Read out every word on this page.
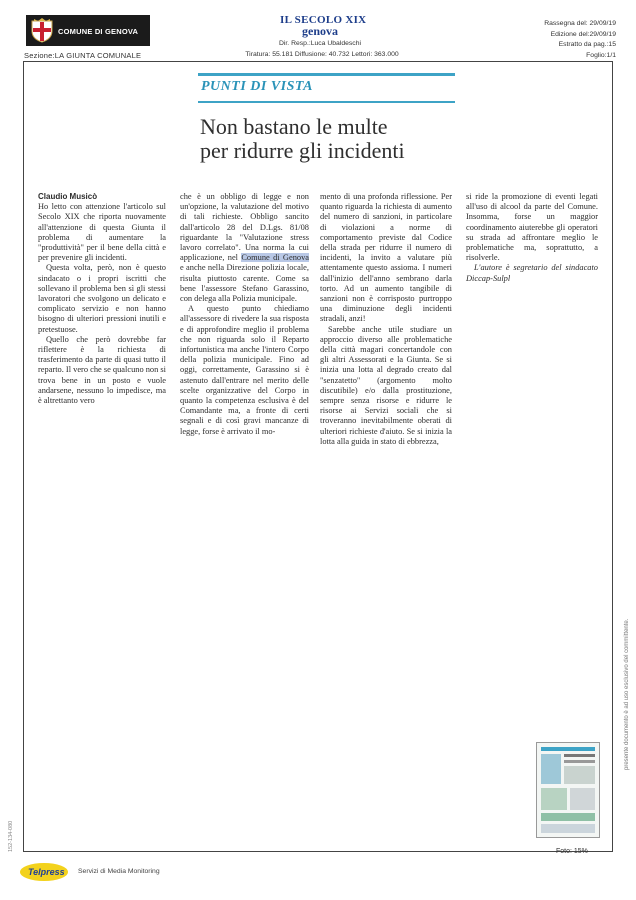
COMUNE DI GENOVA
Sezione:LA GIUNTA COMUNALE
IL SECOLO XIX
genova
Dir. Resp.:Luca Ubaldeschi
Tiratura: 55.181 Diffusione: 40.732 Lettori: 363.000
Rassegna del: 29/09/19
Edizione del:29/09/19
Estratto da pag.:15
Foglio:1/1
PUNTI DI VISTA
Non bastano le multe
per ridurre gli incidenti

Claudio Musicò

Ho letto con attenzione l'articolo sul Secolo XIX che riporta nuovamente all'attenzione di questa Giunta il problema di aumentare la "produttività" per il bene della città e per prevenire gli incidenti.

Questa volta, però, non è questo sindacato o i propri iscritti che sollevano il problema ben sì gli stessi lavoratori che svolgono un delicato e complicato servizio e non hanno bisogno di ulteriori pressioni inutili e pretestuose.

Quello che però dovrebbe far riflettere è la richiesta di trasferimento da parte di quasi tutto il reparto. Il vero che se qualcuno non si trova bene in un posto e vuole andarsene, nessuno lo impedisce, ma è altrettanto vero

che è un obbligo di legge e non un'opzione, la valutazione del motivo di tali richieste. Obbligo sancito dall'articolo 28 del D.Lgs. 81/08 riguardante la "Valutazione stress lavoro correlato". Una norma la cui applicazione, nel Comune di Genova e anche nella Direzione polizia locale, risulta piuttosto carente. Come sa bene l'assessore Stefano Garassino, con delega alla Polizia municipale.

A questo punto chiediamo all'assessore di rivedere la sua risposta e di approfondire meglio il problema che non riguarda solo il Reparto infortunistica ma anche l'intero Corpo della polizia municipale. Fino ad oggi, correttamente, Garassino si è astenuto dall'entrare nel merito delle scelte organizzative del Corpo in quanto la competenza esclusiva è del Comandante ma, a fronte di certi segnali e di così gravi mancanze di legge, forse è arrivato il mo-

mento di una profonda riflessione. Per quanto riguarda la richiesta di aumento del numero di sanzioni, in particolare di violazioni a norme di comportamento previste dal Codice della strada per ridurre il numero di incidenti, la invito a valutare più attentamente questo assioma. I numeri dall'inizio dell'anno sembrano darla torto. Ad un aumento tangibile di sanzioni non è corrisposto purtroppo una diminuzione degli incidenti stradali, anzi!

Sarebbe anche utile studiare un approccio diverso alle problematiche della città magari concertandole con gli altri Assessorati e la Giunta. Se si inizia una lotta al degrado creato dal "senzatetto" (argomento molto discutibile) e/o dalla prostituzione, sempre senza risorse e ridurre le risorse ai Servizi sociali che si troveranno inevitabilmente oberati di ulteriori richieste d'aiuto. Se si inizia la lotta alla guida in stato di ebbrezza,

si ride la promozione di eventi legati all'uso di alcool da parte del Comune. Insomma, forse un maggior coordinamento aiuterebbe gli operatori su strada ad affrontare meglio le problematiche ma, soprattutto, a risolverle.

L'autore è segretario del sindacato Diccap-Sulpl

Foto: 15%
presente documento è ad uso esclusivo del committente.
152-134-080
Telpress Servizi di Media Monitoring
